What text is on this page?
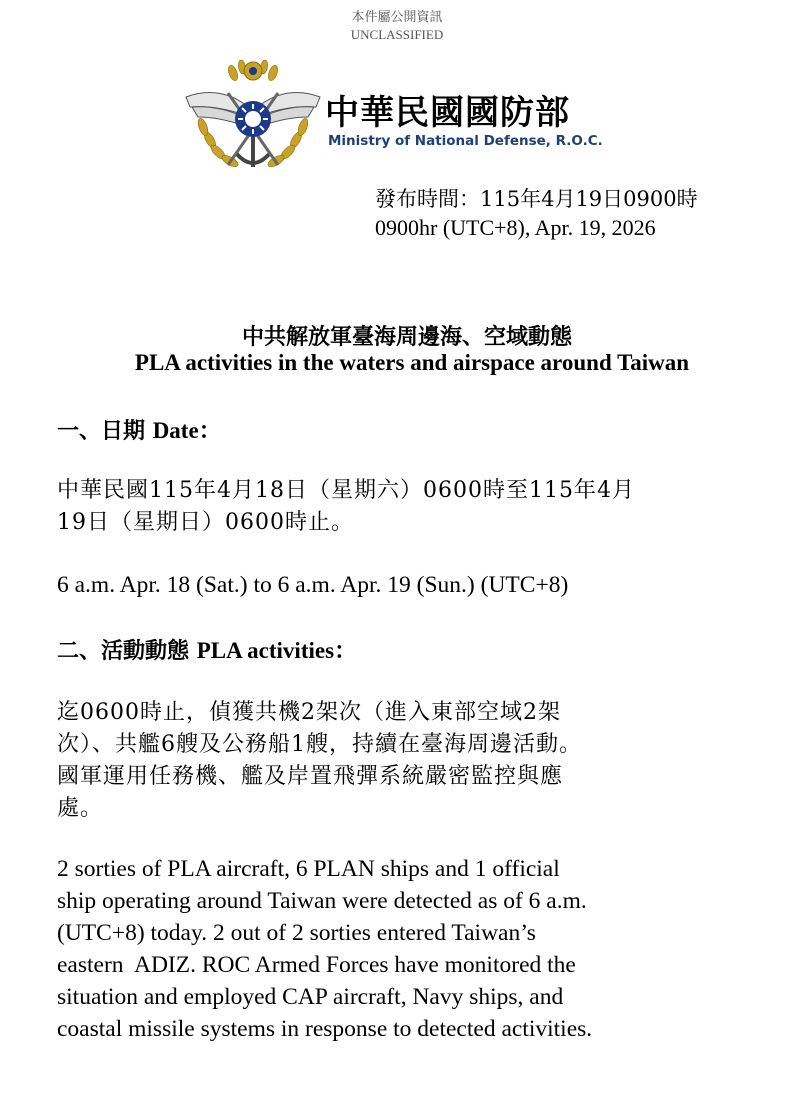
本件屬公開資訊
UNCLASSIFIED
中華民國國防部
Ministry of National Defense, R.O.C.
發布時間：115年4月19日0900時
0900hr (UTC+8), Apr. 19, 2026
中共解放軍臺海周邊海、空域動態
PLA activities in the waters and airspace around Taiwan
一、日期 Date：
中華民國115年4月18日（星期六）0600時至115年4月
19日（星期日）0600時止。
6 a.m. Apr. 18 (Sat.) to 6 a.m. Apr. 19 (Sun.) (UTC+8)
二、活動動態 PLA activities：
迄0600時止，偵獲共機2架次（進入東部空域2架
次）、共艦6艘及公務船1艘，持續在臺海周邊活動。
國軍運用任務機、艦及岸置飛彈系統嚴密監控與應
處。
2 sorties of PLA aircraft, 6 PLAN ships and 1 official
ship operating around Taiwan were detected as of 6 a.m.
(UTC+8) today. 2 out of 2 sorties entered Taiwan’s
eastern  ADIZ. ROC Armed Forces have monitored the
situation and employed CAP aircraft, Navy ships, and
coastal missile systems in response to detected activities.
